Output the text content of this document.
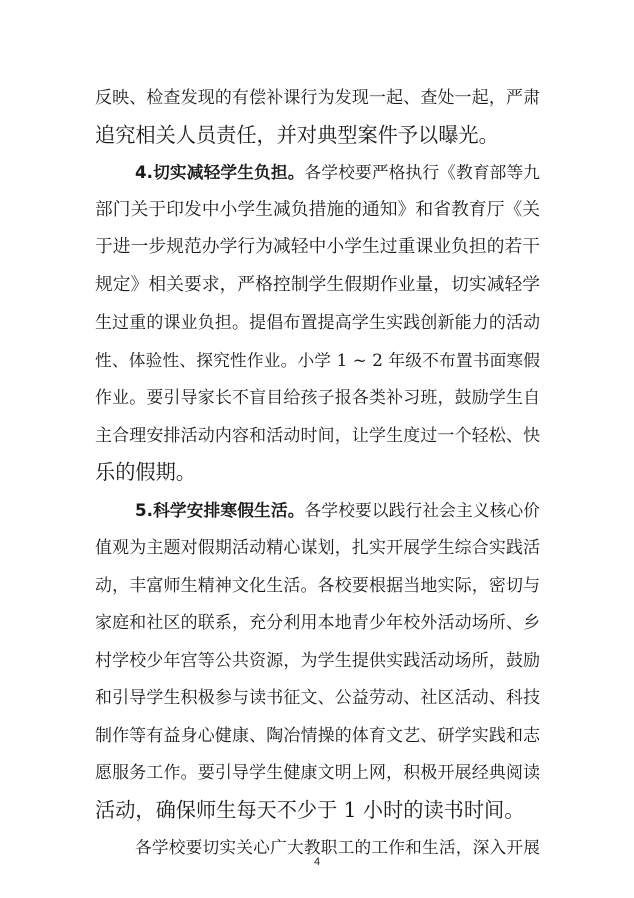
反映、检查发现的有偿补课行为发现一起、查处一起，严肃
追究相关人员责任，并对典型案件予以曝光。
4.切实减轻学生负担。各学校要严格执行《教育部等九
部门关于印发中小学生减负措施的通知》和省教育厅《关
于进一步规范办学行为减轻中小学生过重课业负担的若干
规定》相关要求，严格控制学生假期作业量，切实减轻学
生过重的课业负担。提倡布置提高学生实践创新能力的活动
性、体验性、探究性作业。小学 1 ~ 2 年级不布置书面寒假
作业。要引导家长不盲目给孩子报各类补习班，鼓励学生自
主合理安排活动内容和活动时间，让学生度过一个轻松、快
乐的假期。
5.科学安排寒假生活。各学校要以践行社会主义核心价
值观为主题对假期活动精心谋划，扎实开展学生综合实践活
动，丰富师生精神文化生活。各校要根据当地实际，密切与
家庭和社区的联系，充分利用本地青少年校外活动场所、乡
村学校少年宫等公共资源，为学生提供实践活动场所，鼓励
和引导学生积极参与读书征文、公益劳动、社区活动、科技
制作等有益身心健康、陶冶情操的体育文艺、研学实践和志
愿服务工作。要引导学生健康文明上网，积极开展经典阅读
活动，确保师生每天不少于 1 小时的读书时间。
各学校要切实关心广大教职工的工作和生活，深入开展
4
